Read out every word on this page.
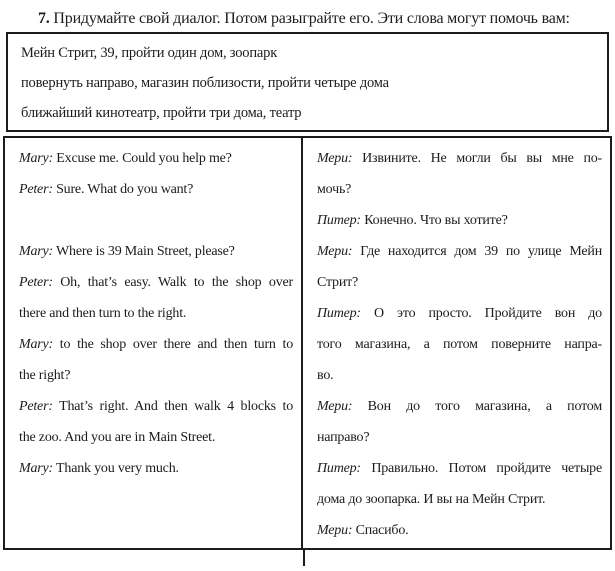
7. Придумайте свой диалог. Потом разыграйте его. Эти слова могут помочь вам:
Мейн Стрит, 39, пройти один дом, зоопарк
повернуть направо, магазин поблизости, пройти четыре дома
ближайший кинотеатр, пройти три дома, театр
Mary: Excuse me. Could you help me?
Peter: Sure. What do you want?
Mary: Where is 39 Main Street, please?
Peter: Oh, that’s easy. Walk to the shop over
there and then turn to the right.
Mary: to the shop over there and then turn to
the right?
Peter: That’s right. And then walk 4 blocks to
the zoo. And you are in Main Street.
Mary: Thank you very much.
Мери: Извините. Не могли бы вы мне по-
мочь?
Питер: Конечно. Что вы хотите?
Мери: Где находится дом 39 по улице Мейн
Стрит?
Питер: О это просто. Пройдите вон до
того магазина, а потом поверните напра-
во.
Мери: Вон до того магазина, а потом
направо?
Питер: Правильно. Потом пройдите четыре
дома до зоопарка. И вы на Мейн Стрит.
Мери: Спасибо.
